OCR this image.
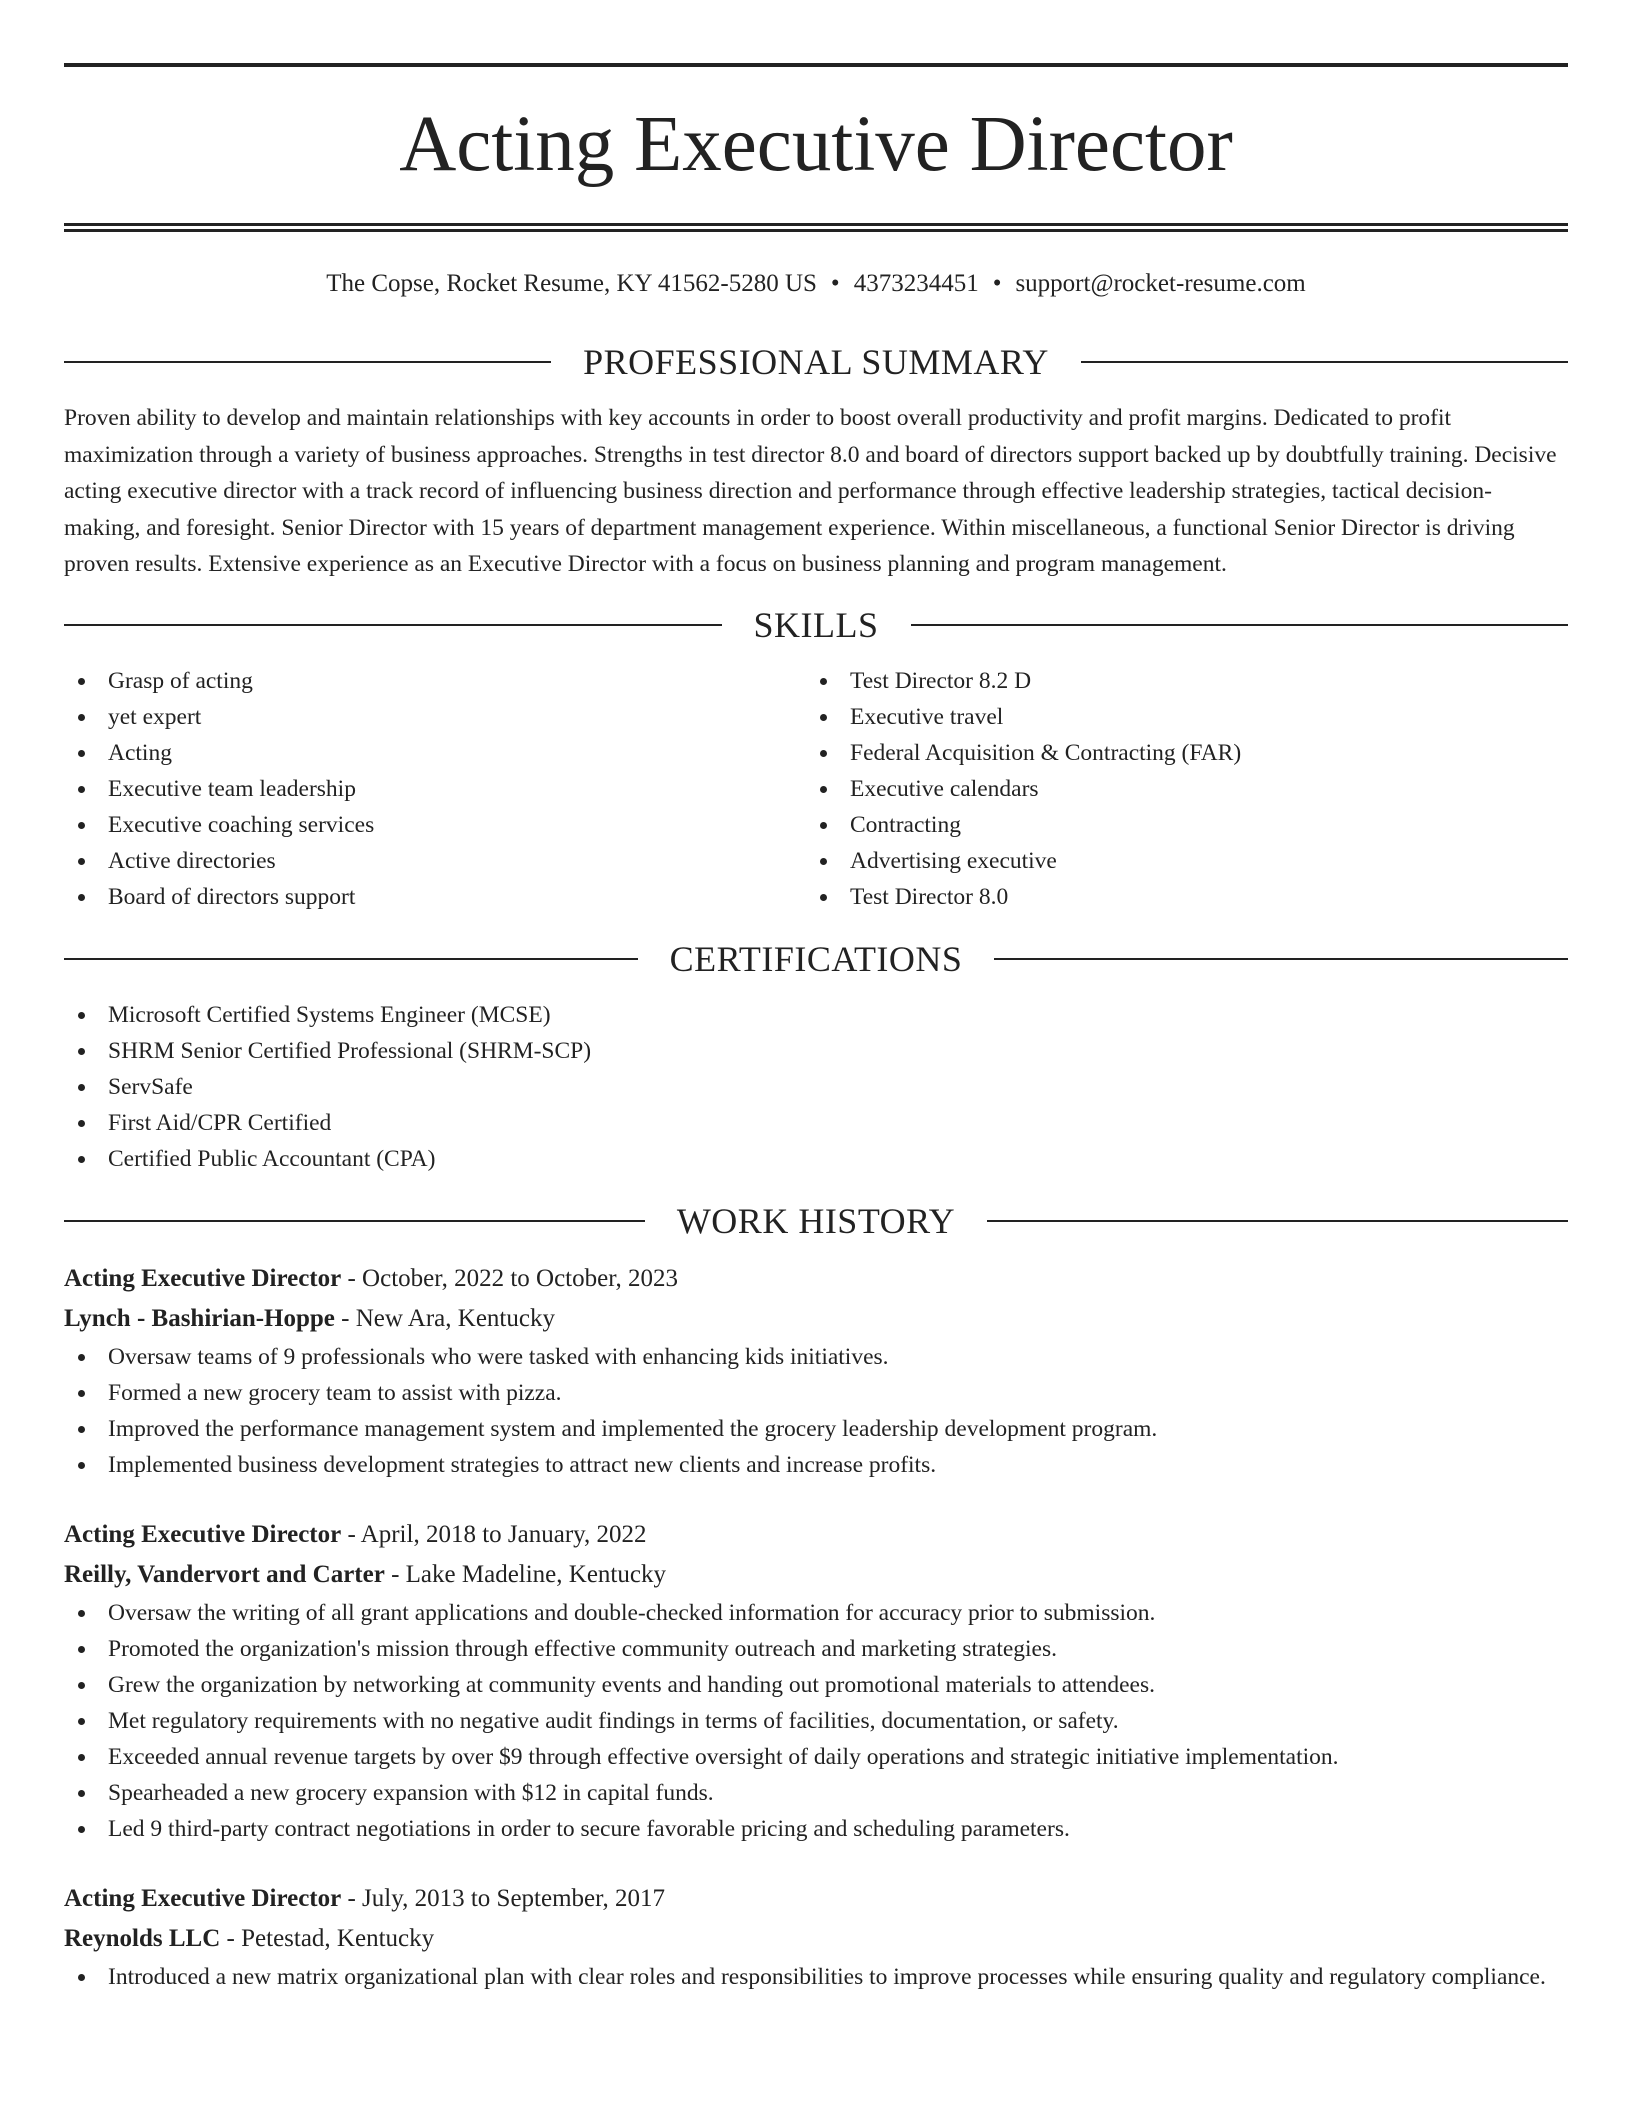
Acting Executive Director
The Copse, Rocket Resume, KY 41562-5280 US • 4373234451 • support@rocket-resume.com
PROFESSIONAL SUMMARY

Proven ability to develop and maintain relationships with key accounts in order to boost overall productivity and profit margins. Dedicated to profit maximization through a variety of business approaches. Strengths in test director 8.0 and board of directors support backed up by doubtfully training. Decisive acting executive director with a track record of influencing business direction and performance through effective leadership strategies, tactical decision-making, and foresight. Senior Director with 15 years of department management experience. Within miscellaneous, a functional Senior Director is driving proven results. Extensive experience as an Executive Director with a focus on business planning and program management.

SKILLS
Grasp of acting
yet expert
Acting
Executive team leadership
Executive coaching services
Active directories
Board of directors support
Test Director 8.2 D
Executive travel
Federal Acquisition & Contracting (FAR)
Executive calendars
Contracting
Advertising executive
Test Director 8.0
CERTIFICATIONS
Microsoft Certified Systems Engineer (MCSE)
SHRM Senior Certified Professional (SHRM-SCP)
ServSafe
First Aid/CPR Certified
Certified Public Accountant (CPA)
WORK HISTORY
Acting Executive Director - October, 2022 to October, 2023
Lynch - Bashirian-Hoppe - New Ara, Kentucky
Oversaw teams of 9 professionals who were tasked with enhancing kids initiatives.
Formed a new grocery team to assist with pizza.
Improved the performance management system and implemented the grocery leadership development program.
Implemented business development strategies to attract new clients and increase profits.
Acting Executive Director - April, 2018 to January, 2022
Reilly, Vandervort and Carter - Lake Madeline, Kentucky
Oversaw the writing of all grant applications and double-checked information for accuracy prior to submission.
Promoted the organization's mission through effective community outreach and marketing strategies.
Grew the organization by networking at community events and handing out promotional materials to attendees.
Met regulatory requirements with no negative audit findings in terms of facilities, documentation, or safety.
Exceeded annual revenue targets by over $9 through effective oversight of daily operations and strategic initiative implementation.
Spearheaded a new grocery expansion with $12 in capital funds.
Led 9 third-party contract negotiations in order to secure favorable pricing and scheduling parameters.
Acting Executive Director - July, 2013 to September, 2017
Reynolds LLC - Petestad, Kentucky
Introduced a new matrix organizational plan with clear roles and responsibilities to improve processes while ensuring quality and regulatory compliance.
